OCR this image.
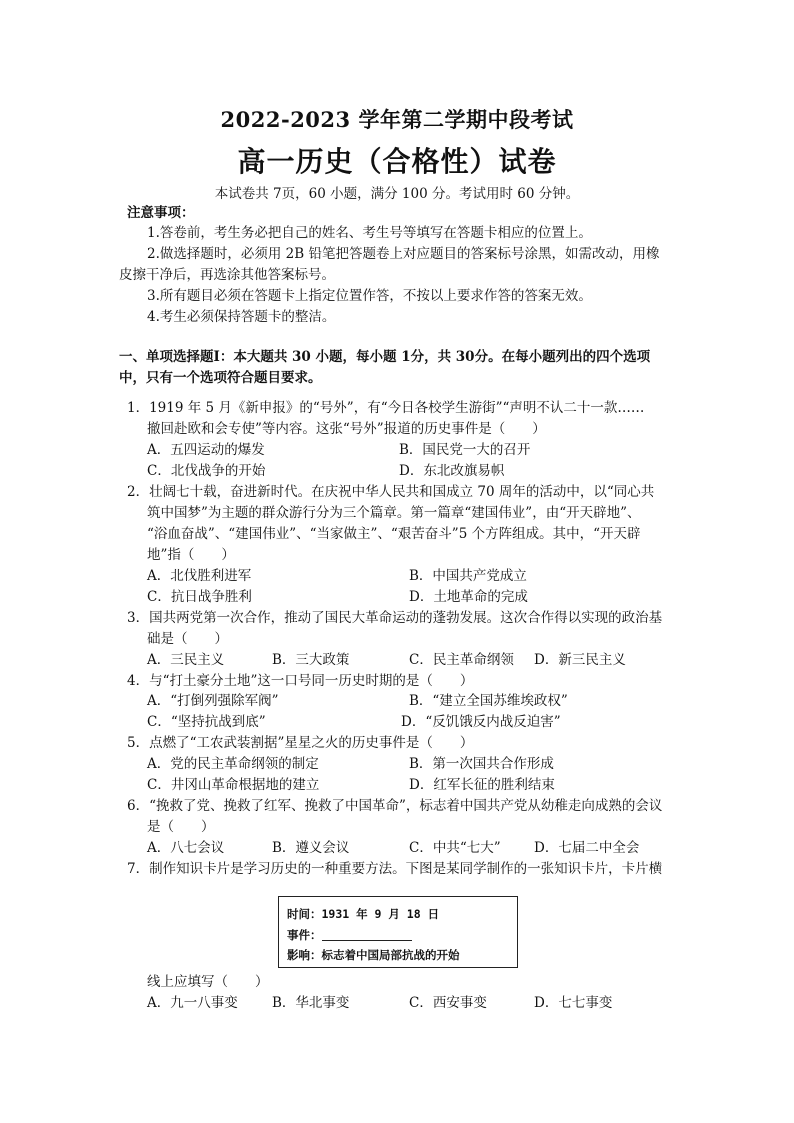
2022-2023 学年第二学期中段考试
高一历史（合格性）试卷
本试卷共 7页，60 小题，满分 100 分。考试用时 60 分钟。
注意事项：
1.答卷前，考生务必把自己的姓名、考生号等填写在答题卡相应的位置上。
2.做选择题时，必须用 2B 铅笔把答题卷上对应题目的答案标号涂黑，如需改动，用橡
皮擦干净后，再选涂其他答案标号。
3.所有题目必须在答题卡上指定位置作答，不按以上要求作答的答案无效。
4.考生必须保持答题卡的整洁。
一、单项选择题Ⅰ：本大题共 30 小题，每小题 1分，共 30分。在每小题列出的四个选项
中，只有一个选项符合题目要求。
1．1919 年 5 月《新申报》的“号外”，有“今日各校学生游街”“声明不认二十一款……
撤回赴欧和会专使”等内容。这张“号外”报道的历史事件是（　　）
A．五四运动的爆发	B．国民党一大的召开
C．北伐战争的开始	D．东北改旗易帜
2．壮阔七十载，奋进新时代。在庆祝中华人民共和国成立 70 周年的活动中，以“同心共
筑中国梦”为主题的群众游行分为三个篇章。第一篇章“建国伟业”，由“开天辟地”、
“浴血奋战”、“建国伟业”、“当家做主”、“艰苦奋斗”5 个方阵组成。其中，“开天辟
地”指（　　）
A．北伐胜利进军	B．中国共产党成立
C．抗日战争胜利	D．土地革命的完成
3．国共两党第一次合作，推动了国民大革命运动的蓬勃发展。这次合作得以实现的政治基
础是（　　）
A．三民主义	B．三大政策	C．民主革命纲领 D．新三民主义
4．与“打土豪分土地”这一口号同一历史时期的是（　　）
A．“打倒列强除军阀”	B．“建立全国苏维埃政权”
C．“坚持抗战到底”	D．“反饥饿反内战反迫害”
5．点燃了“工农武装割据”星星之火的历史事件是（　　）
A．党的民主革命纲领的制定	B．第一次国共合作形成
C．井冈山革命根据地的建立	D．红军长征的胜利结束
6．“挽救了党、挽救了红军、挽救了中国革命”，标志着中国共产党从幼稚走向成熟的会议
是（　　）
A．八七会议	B．遵义会议	C．中共“七大” D．七届二中全会
7．制作知识卡片是学习历史的一种重要方法。下图是某同学制作的一张知识卡片，卡片横
时间：1931 年 9 月 18 日
事件：
影响：标志着中国局部抗战的开始
线上应填写（　　）
A．九一八事变	B．华北事变	C．西安事变	D．七七事变
